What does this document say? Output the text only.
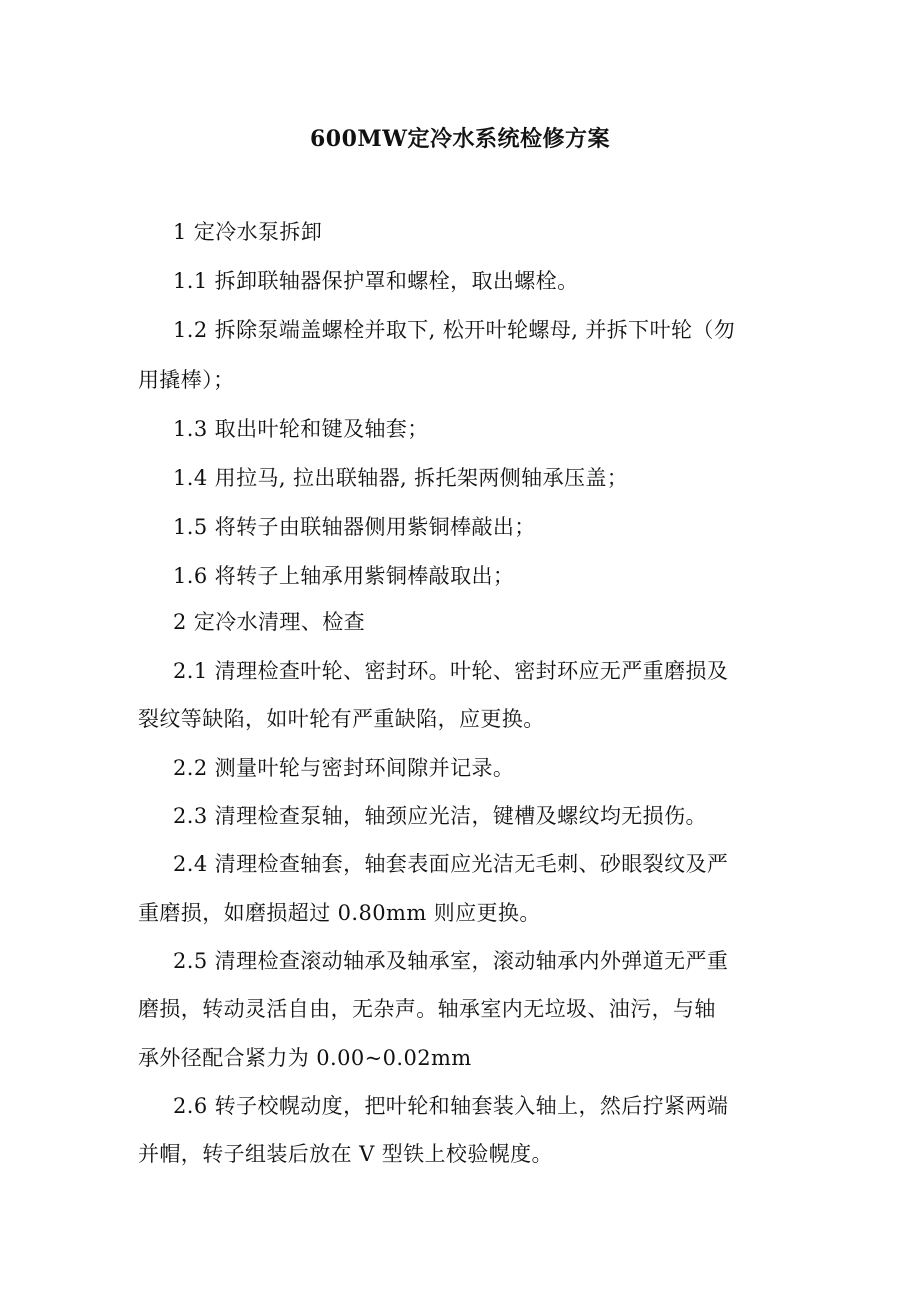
600MW定冷水系统检修方案
1 定冷水泵拆卸
1.1 拆卸联轴器保护罩和螺栓，取出螺栓。
1.2 拆除泵端盖螺栓并取下, 松开叶轮螺母, 并拆下叶轮（勿
用撬棒）；
1.3 取出叶轮和键及轴套；
1.4 用拉马, 拉出联轴器, 拆托架两侧轴承压盖；
1.5 将转子由联轴器侧用紫铜棒敲出；
1.6 将转子上轴承用紫铜棒敲取出；
2 定冷水清理、检查
2.1 清理检查叶轮、密封环。叶轮、密封环应无严重磨损及
裂纹等缺陷，如叶轮有严重缺陷，应更换。
2.2 测量叶轮与密封环间隙并记录。
2.3 清理检查泵轴，轴颈应光洁，键槽及螺纹均无损伤。
2.4 清理检查轴套，轴套表面应光洁无毛刺、砂眼裂纹及严
重磨损，如磨损超过 0.80mm 则应更换。
2.5 清理检查滚动轴承及轴承室，滚动轴承内外弹道无严重
磨损，转动灵活自由，无杂声。轴承室内无垃圾、油污，与轴
承外径配合紧力为 0.00~0.02mm
2.6 转子校幌动度，把叶轮和轴套装入轴上，然后拧紧两端
并帽，转子组装后放在 V 型铁上校验幌度。
